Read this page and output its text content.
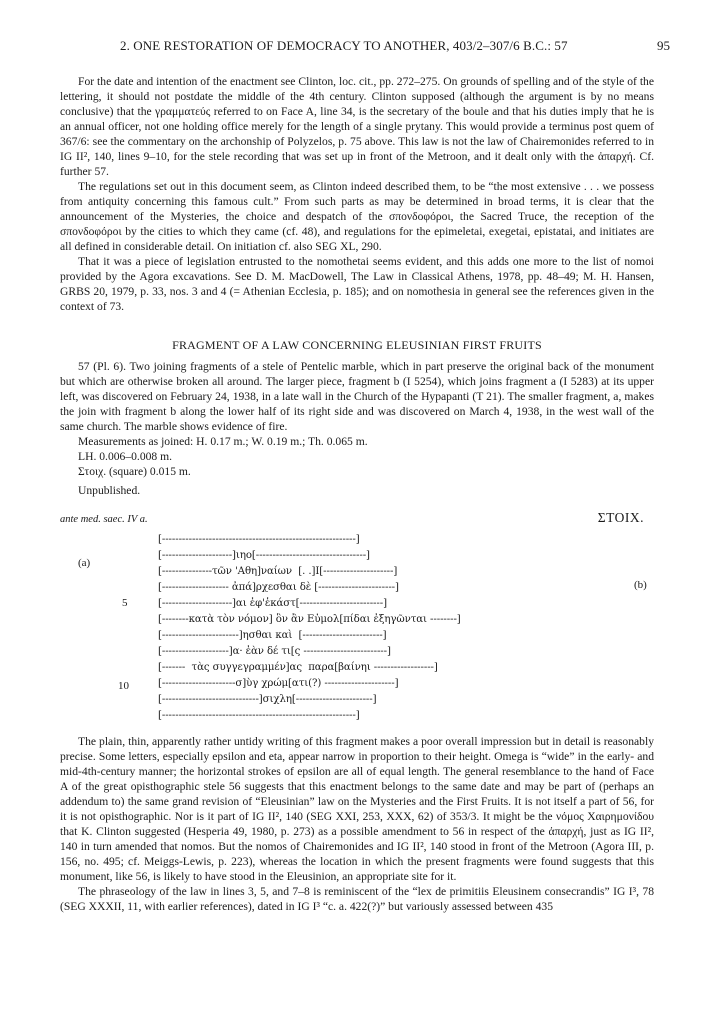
2. ONE RESTORATION OF DEMOCRACY TO ANOTHER, 403/2–307/6 B.C.: 57	95

For the date and intention of the enactment see Clinton, loc. cit., pp. 272–275. On grounds of spelling and of the style of the lettering, it should not postdate the middle of the 4th century. Clinton supposed (although the argument is by no means conclusive) that the γραμματεύς referred to on Face A, line 34, is the secretary of the boule and that his duties imply that he is an annual officer, not one holding office merely for the length of a single prytany. This would provide a terminus post quem of 367/6: see the commentary on the archonship of Polyzelos, p. 75 above. This law is not the law of Chairemonides referred to in IG II², 140, lines 9–10, for the stele recording that was set up in front of the Metroon, and it dealt only with the ἀπαρχή. Cf. further 57.

The regulations set out in this document seem, as Clinton indeed described them, to be “the most extensive . . . we possess from antiquity concerning this famous cult.” From such parts as may be determined in broad terms, it is clear that the announcement of the Mysteries, the choice and despatch of the σπονδοφόροι, the Sacred Truce, the reception of the σπονδοφόροι by the cities to which they came (cf. 48), and regulations for the epimeletai, exegetai, epistatai, and initiates are all defined in considerable detail. On initiation cf. also SEG XL, 290.

That it was a piece of legislation entrusted to the nomothetai seems evident, and this adds one more to the list of nomoi provided by the Agora excavations. See D. M. MacDowell, The Law in Classical Athens, 1978, pp. 48–49; M. H. Hansen, GRBS 20, 1979, p. 33, nos. 3 and 4 (= Athenian Ecclesia, p. 185); and on nomothesia in general see the references given in the context of 73.

FRAGMENT OF A LAW CONCERNING ELEUSINIAN FIRST FRUITS

57 (Pl. 6). Two joining fragments of a stele of Pentelic marble, which in part preserve the original back of the monument but which are otherwise broken all around. The larger piece, fragment b (I 5254), which joins fragment a (I 5283) at its upper left, was discovered on February 24, 1938, in a late wall in the Church of the Hypapanti (T 21). The smaller fragment, a, makes the join with fragment b along the lower half of its right side and was discovered on March 4, 1938, in the west wall of the same church. The marble shows evidence of fire.

Measurements as joined: H. 0.17 m.; W. 0.19 m.; Th. 0.065 m.

LH. 0.006–0.008 m.

Στοιχ. (square) 0.015 m.

Unpublished.

ante med. saec. IV a.	ΣΤΟΙΧ.
(a)
(b)
5
10
[----------------------------------------------------------]
[---------------------]ιηο[---------------------------------]
[---------------τῶν 'Αθη]ναίων  [. .]Ι[---------------------]
[-------------------- ἀπά]ρχεσθαι δὲ [-----------------------]
[---------------------]αι ἐφ'ἑκάστ[-------------------------]
[--------κατὰ τὸν νόμον] ὃν ἂν Εὐμολ[πίδαι ἐξηγῶνται --------]
[-----------------------]ησθαι καὶ  [------------------------]
[--------------------]α· ἐὰν δέ τι[ς -------------------------]
[-------  τὰς συγγεγραμμέν]ας  παρα[βαίνηι ------------------]
[----------------------σ]ὺγ χρώμ[ατι(?) ---------------------]
[-----------------------------]σιχλη[-----------------------]
[----------------------------------------------------------]

The plain, thin, apparently rather untidy writing of this fragment makes a poor overall impression but in detail is reasonably precise. Some letters, especially epsilon and eta, appear narrow in proportion to their height. Omega is “wide” in the early- and mid-4th-century manner; the horizontal strokes of epsilon are all of equal length. The general resemblance to the hand of Face A of the great opisthographic stele 56 suggests that this enactment belongs to the same date and may be part of (perhaps an addendum to) the same grand revision of “Eleusinian” law on the Mysteries and the First Fruits. It is not itself a part of 56, for it is not opisthographic. Nor is it part of IG II², 140 (SEG XXI, 253, XXX, 62) of 353/3. It might be the νόμος Χαιρημονίδου that K. Clinton suggested (Hesperia 49, 1980, p. 273) as a possible amendment to 56 in respect of the ἀπαρχή, just as IG II², 140 in turn amended that nomos. But the nomos of Chairemonides and IG II², 140 stood in front of the Metroon (Agora III, p. 156, no. 495; cf. Meiggs-Lewis, p. 223), whereas the location in which the present fragments were found suggests that this monument, like 56, is likely to have stood in the Eleusinion, an appropriate site for it.

The phraseology of the law in lines 3, 5, and 7–8 is reminiscent of the “lex de primitiis Eleusinem consecrandis” IG I³, 78 (SEG XXXII, 11, with earlier references), dated in IG I³ “c. a. 422(?)” but variously assessed between 435
